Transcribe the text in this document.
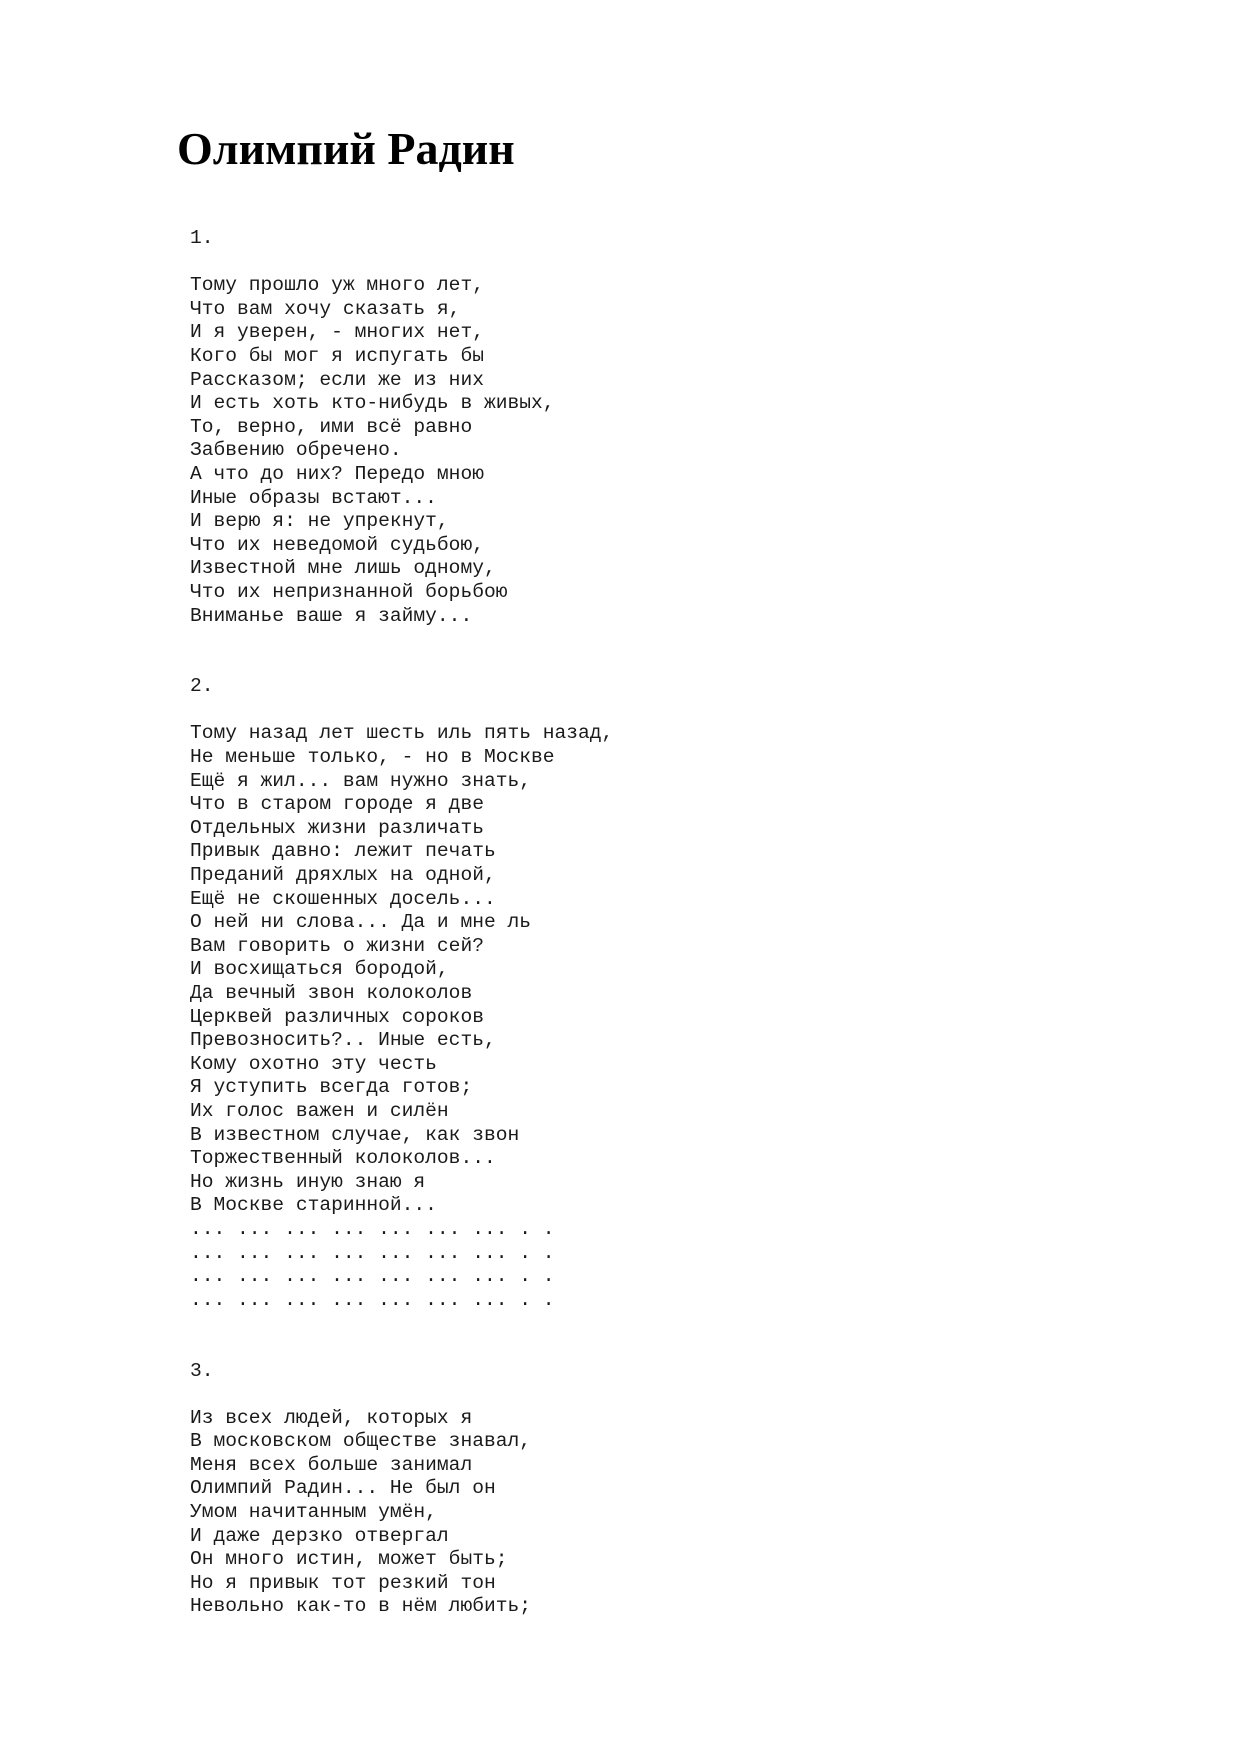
Олимпий Радин
1.
Тому прошло уж много лет,
Что вам хочу сказать я,
И я уверен, - многих нет,
Кого бы мог я испугать бы
Рассказом; если же из них
И есть хоть кто-нибудь в живых,
То, верно, ими всё равно
Забвению обречено.
А что до них? Передо мною
Иные образы встают...
И верю я: не упрекнут,
Что их неведомой судьбою,
Известной мне лишь одному,
Что их непризнанной борьбою
Вниманье ваше я займу...
2.
Тому назад лет шесть иль пять назад,
Не меньше только, - но в Москве
Ещё я жил... вам нужно знать,
Что в старом городе я две
Отдельных жизни различать
Привык давно: лежит печать
Преданий дряхлых на одной,
Ещё не скошенных досель...
О ней ни слова... Да и мне ль
Вам говорить о жизни сей?
И восхищаться бородой,
Да вечный звон колоколов
Церквей различных сороков
Превозносить?.. Иные есть,
Кому охотно эту честь
Я уступить всегда готов;
Их голос важен и силён
В известном случае, как звон
Торжественный колоколов...
Но жизнь иную знаю я
В Москве старинной...
... ... ... ... ... ... ... . .
... ... ... ... ... ... ... . .
... ... ... ... ... ... ... . .
... ... ... ... ... ... ... . .
3.
Из всех людей, которых я
В московском обществе знавал,
Меня всех больше занимал
Олимпий Радин... Не был он
Умом начитанным умён,
И даже дерзко отвергал
Он много истин, может быть;
Но я привык тот резкий тон
Невольно как-то в нём любить;
